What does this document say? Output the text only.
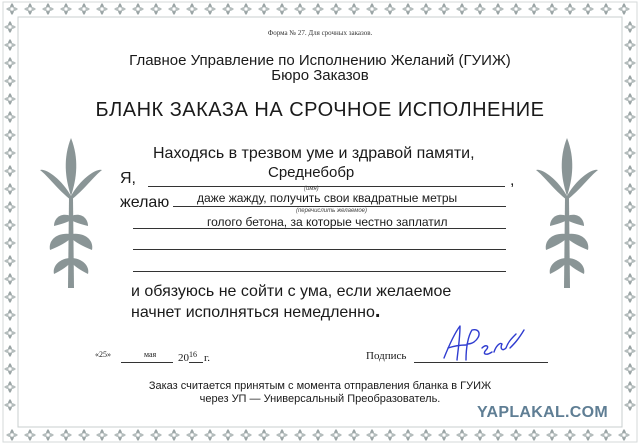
Форма № 27. Для срочных заказов.

Главное Управление по Исполнению Желаний (ГУИЖ)

Бюро Заказов

БЛАНК ЗАКАЗА НА СРОЧНОЕ ИСПОЛНЕНИЕ

Находясь в трезвом уме и здравой памяти,

Я,	Среднебобр	,

(имя)

желаю даже жажду, получить свои квадратные метры

(перечислить желаемое)

голого бетона, за которые честно заплатил

и обязуюсь не сойти с ума, если желаемое

начнет исполняться немедленно.

«25»	мая 20 16 г.	Подпись

Заказ считается принятым с момента отправления бланка в ГУИЖ

через УП — Универсальный Преобразователь.

YAPLAKAL.COM
